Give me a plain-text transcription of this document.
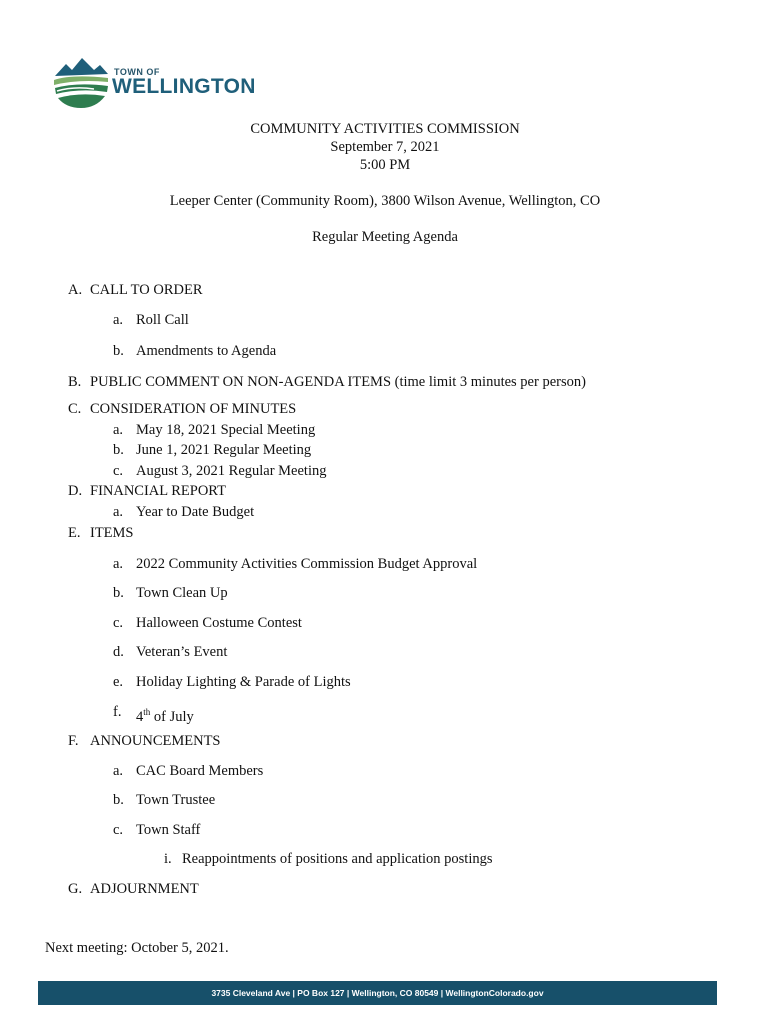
TOWN OF
WELLINGTON
COMMUNITY ACTIVITIES COMMISSION
September 7, 2021
5:00 PM
Leeper Center (Community Room), 3800 Wilson Avenue, Wellington, CO
Regular Meeting Agenda
A. CALL TO ORDER
a. Roll Call
b. Amendments to Agenda
B. PUBLIC COMMENT ON NON-AGENDA ITEMS (time limit 3 minutes per person)
C. CONSIDERATION OF MINUTES
a. May 18, 2021 Special Meeting
b. June 1, 2021 Regular Meeting
c. August 3, 2021 Regular Meeting
D. FINANCIAL REPORT
a. Year to Date Budget
E. ITEMS
a. 2022 Community Activities Commission Budget Approval
b. Town Clean Up
c. Halloween Costume Contest
d. Veteran’s Event
e. Holiday Lighting & Parade of Lights
f. 4th of July
F. ANNOUNCEMENTS
a. CAC Board Members
b. Town Trustee
c. Town Staff
i. Reappointments of positions and application postings
G. ADJOURNMENT
Next meeting: October 5, 2021.
3735 Cleveland Ave | PO Box 127 | Wellington, CO 80549 | WellingtonColorado.gov
